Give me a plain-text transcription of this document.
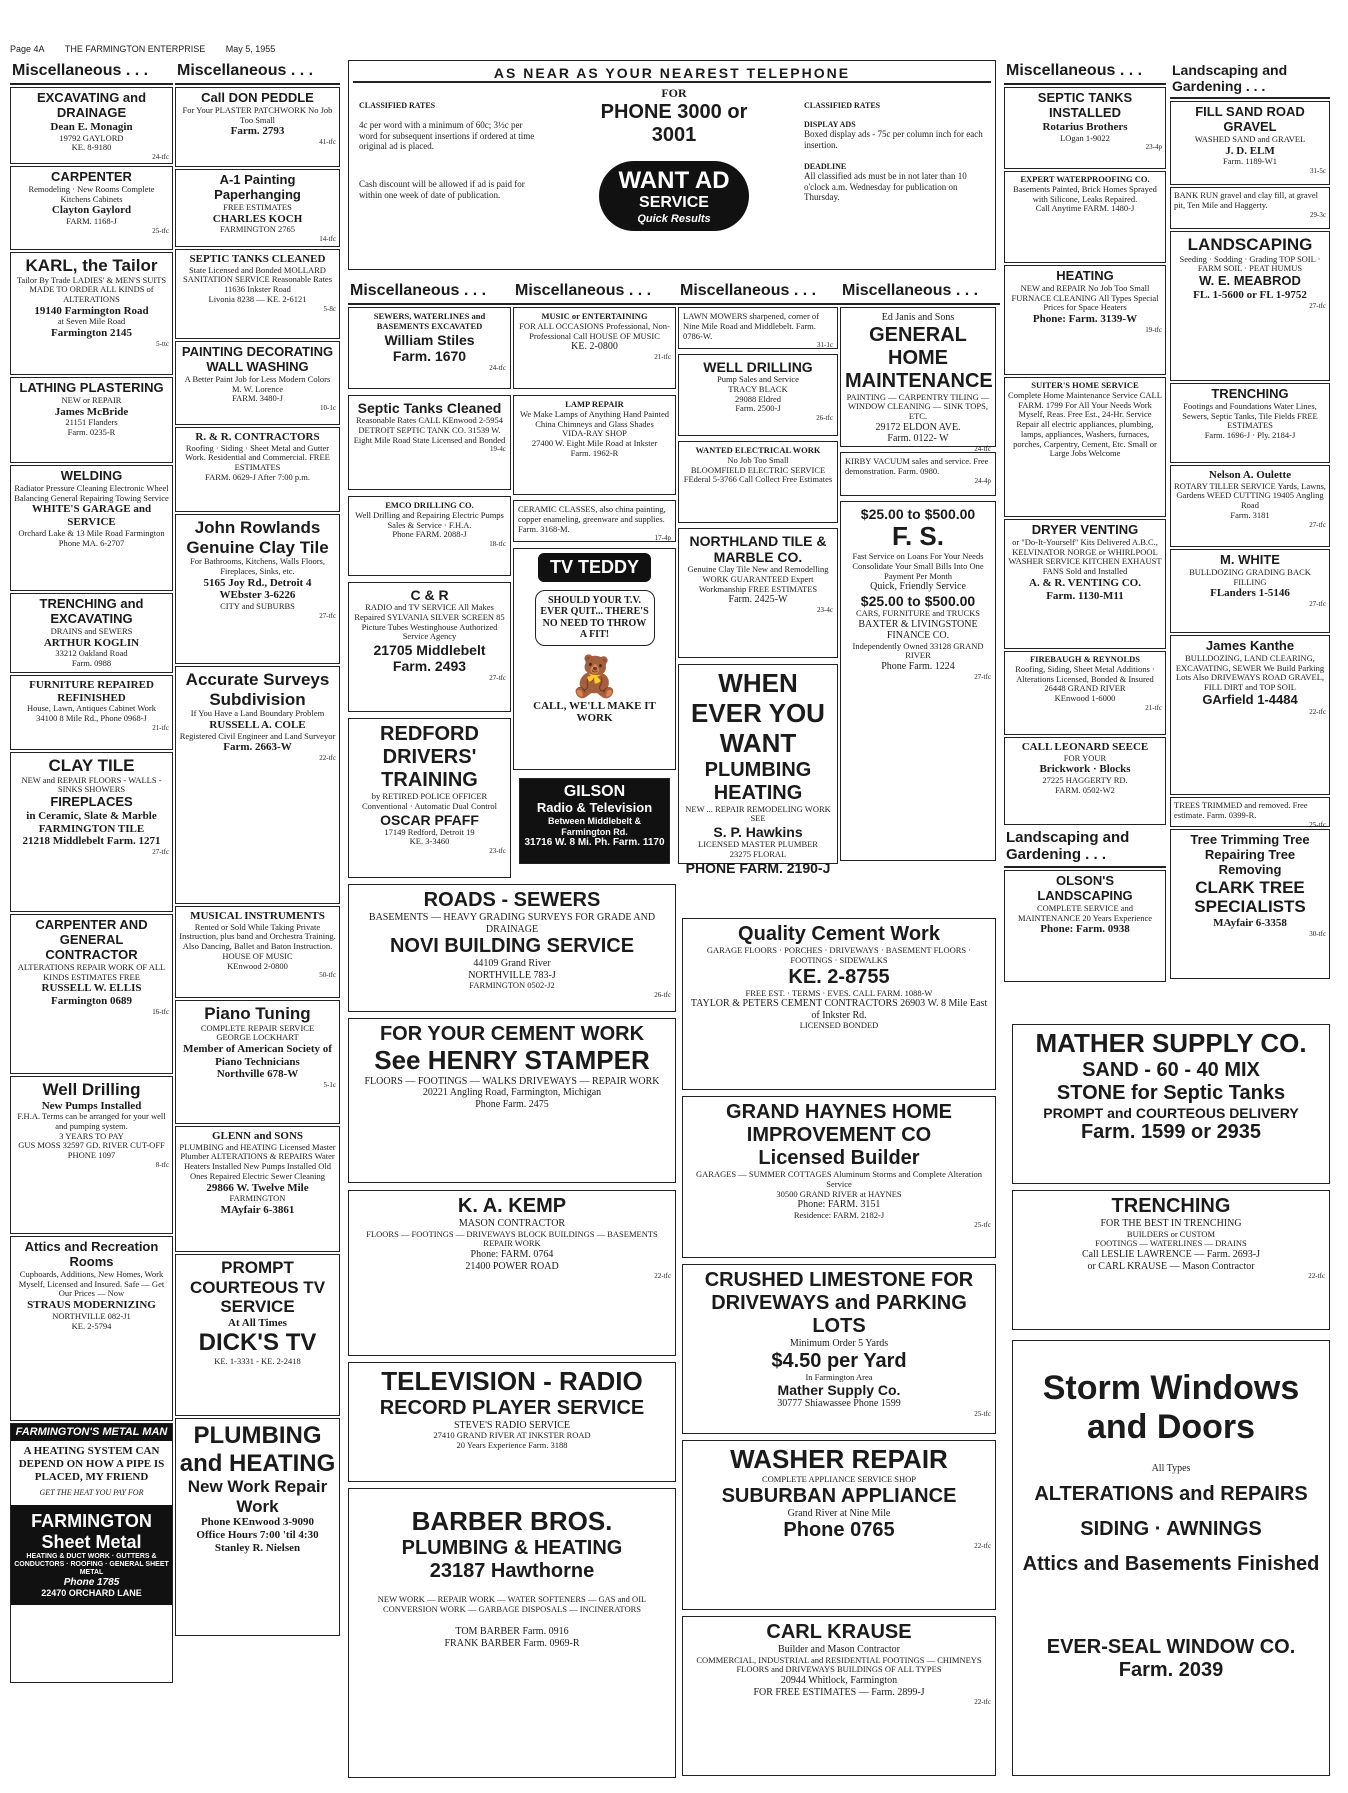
Page 4A THE FARMINGTON ENTERPRISE May 5, 1955
Miscellaneous . . .

EXCAVATING and DRAINAGE

Dean E. Monagin

19792 GAYLORD

KE. 8-9180

24-tfc

CARPENTER

Remodeling · New Rooms Complete Kitchens Cabinets

Clayton Gaylord

FARM. 1168-J

25-tfc

KARL, the Tailor

Tailor By Trade LADIES' & MEN'S SUITS MADE TO ORDER ALL KINDS of ALTERATIONS

19140 Farmington Road

at Seven Mile Road

Farmington 2145

5-ttc

LATHING PLASTERING

NEW or REPAIR

James McBride

21151 Flanders

Farm. 0235-R

WELDING

Radiator Pressure Cleaning Electronic Wheel Balancing General Repairing Towing Service

WHITE'S GARAGE and SERVICE

Orchard Lake & 13 Mile Road Farmington

Phone MA. 6-2707

TRENCHING and EXCAVATING

DRAINS and SEWERS

ARTHUR KOGLIN

33212 Oakland Road

Farm. 0988

FURNITURE REPAIRED REFINISHED

House, Lawn, Antiques Cabinet Work

34100 8 Mile Rd., Phone 0968-J

21-tfc

CLAY TILE

NEW and REPAIR FLOORS - WALLS - SINKS SHOWERS

FIREPLACES

in Ceramic, Slate & Marble FARMINGTON TILE

21218 Middlebelt Farm. 1271

27-tfc

CARPENTER AND GENERAL CONTRACTOR

ALTERATIONS REPAIR WORK OF ALL KINDS ESTIMATES FREE

RUSSELL W. ELLIS

Farmington 0689

16-tfc

Well Drilling

New Pumps Installed

F.H.A. Terms can be arranged for your well and pumping system.

3 YEARS TO PAY

GUS MOSS 32597 GD. RIVER CUT-OFF PHONE 1097

8-tfc

Attics and Recreation Rooms

Cupboards, Additions, New Homes, Work Myself, Licensed and Insured. Safe — Get Our Prices — Now

STRAUS MODERNIZING

NORTHVILLE 082-J1

KE. 2-5794

FARMINGTON'S METAL MAN
A HEATING SYSTEM CAN DEPEND ON HOW A PIPE IS PLACED, MY FRIEND
GET THE HEAT YOU PAY FOR
FARMINGTON Sheet Metal
HEATING & DUCT WORK · GUTTERS & CONDUCTORS · ROOFING · GENERAL SHEET METAL
Phone 1785
22470 ORCHARD LANE
Miscellaneous . . .

Call DON PEDDLE

For Your PLASTER PATCHWORK No Job Too Small

Farm. 2793

41-tfc

A-1 Painting Paperhanging

FREE ESTIMATES

CHARLES KOCH

FARMINGTON 2765

14-tfc

SEPTIC TANKS CLEANED

State Licensed and Bonded MOLLARD SANITATION SERVICE Reasonable Rates 11636 Inkster Road

Livonia 8238 — KE. 2-6121

5-8c

PAINTING DECORATING WALL WASHING

A Better Paint Job for Less Modern Colors

M. W. Lorence

FARM. 3480-J

10-1c

R. & R. CONTRACTORS

Roofing · Siding · Sheet Metal and Gutter Work. Residential and Commercial. FREE ESTIMATES

FARM. 0629-J After 7:00 p.m.

John Rowlands Genuine Clay Tile

For Bathrooms, Kitchens, Walls Floors, Fireplaces, Sinks, etc.

5165 Joy Rd., Detroit 4

WEbster 3-6226

CITY and SUBURBS

27-tfc

Accurate Surveys Subdivision

If You Have a Land Boundary Problem

RUSSELL A. COLE

Registered Civil Engineer and Land Surveyor

Farm. 2663-W

22-tfc

MUSICAL INSTRUMENTS

Rented or Sold While Taking Private Instruction, plus band and Orchestra Training. Also Dancing, Ballet and Baton Instruction.

HOUSE OF MUSIC

KEnwood 2-0800

50-tfc

Piano Tuning

COMPLETE REPAIR SERVICE

GEORGE LOCKHART

Member of American Society of Piano Technicians

Northville 678-W

5-1c

GLENN and SONS

PLUMBING and HEATING Licensed Master Plumber ALTERATIONS & REPAIRS Water Heaters Installed New Pumps Installed Old Ones Repaired Electric Sewer Cleaning

29866 W. Twelve Mile

FARMINGTON

MAyfair 6-3861

PROMPT COURTEOUS TV SERVICE

At All Times

DICK'S TV

KE. 1-3331 - KE. 2-2418

PLUMBING and HEATING

New Work Repair Work

Phone KEnwood 3-9090

Office Hours 7:00 'til 4:30

Stanley R. Nielsen

AS NEAR AS YOUR NEAREST TELEPHONE

CLASSIFIED RATES

4c per word with a minimum of 60c; 3½c per word for subsequent insertions if ordered at time original ad is placed.

Cash discount will be allowed if ad is paid for within one week of date of publication.

FOR

PHONE 3000 or 3001

WANT AD
SERVICE
Quick Results

CLASSIFIED RATES

DISPLAY ADS

Boxed display ads - 75c per column inch for each insertion.

DEADLINE

All classified ads must be in not later than 10 o'clock a.m. Wednesday for publication on Thursday.

Miscellaneous . . .	Miscellaneous . . .	Miscellaneous . . .	Miscellaneous . . .

SEWERS, WATERLINES and BASEMENTS EXCAVATED

William Stiles

Farm. 1670

24-tfc

Septic Tanks Cleaned

Reasonable Rates CALL KEnwood 2-5954 DETROIT SEPTIC TANK CO. 31539 W. Eight Mile Road State Licensed and Bonded

19-4c

EMCO DRILLING CO.

Well Drilling and Repairing Electric Pumps Sales & Service · F.H.A.

Phone FARM. 2088-J

18-tfc

C & R

RADIO and TV SERVICE All Makes Repaired SYLVANIA SILVER SCREEN 85 Picture Tubes Westinghouse Authorized Service Agency

21705 Middlebelt

Farm. 2493

27-tfc

REDFORD DRIVERS' TRAINING

by RETIRED POLICE OFFICER Conventional · Automatic Dual Control

OSCAR PFAFF

17149 Redford, Detroit 19

KE. 3-3460

23-tfc

MUSIC or ENTERTAINING

FOR ALL OCCASIONS Professional, Non-Professional Call HOUSE OF MUSIC

KE. 2-0800

21-tfc

LAMP REPAIR

We Make Lamps of Anything Hand Painted China Chimneys and Glass Shades

VIDA-RAY SHOP

27400 W. Eight Mile Road at Inkster

Farm. 1962-R

CERAMIC CLASSES, also china painting, copper enameling, greenware and supplies. Farm. 3168-M.

17-4p

TV TEDDY
SHOULD YOUR T.V. EVER QUIT... THERE'S NO NEED TO THROW A FIT!
🧸

CALL, WE'LL MAKE IT WORK

GILSON

Radio & Television

Between Middlebelt & Farmington Rd.

31716 W. 8 Mi. Ph. Farm. 1170

LAWN MOWERS sharpened, corner of Nine Mile Road and Middlebelt. Farm. 0786-W.

31-1c

WELL DRILLING

Pump Sales and Service

TRACY BLACK

29088 Eldred

Farm. 2500-J

26-tfc

WANTED ELECTRICAL WORK

No Job Too Small

BLOOMFIELD ELECTRIC SERVICE

FEderal 5-3766 Call Collect Free Estimates

NORTHLAND TILE & MARBLE CO.

Genuine Clay Tile New and Remodelling WORK GUARANTEED Expert Workmanship FREE ESTIMATES

Farm. 2425-W

23-4c

WHEN EVER YOU WANT

PLUMBING HEATING

NEW ... REPAIR REMODELING WORK

SEE

S. P. Hawkins

LICENSED MASTER PLUMBER

23275 FLORAL

PHONE FARM. 2190-J

Ed Janis and Sons

GENERAL HOME MAINTENANCE

PAINTING — CARPENTRY TILING — WINDOW CLEANING — SINK TOPS, ETC.

29172 ELDON AVE.

Farm. 0122- W

24-tfc

KIRBY VACUUM sales and service. Free demonstration. Farm. 0980.

24-4p

$25.00 to $500.00

F. S.

Fast Service on Loans For Your Needs

Consolidate Your Small Bills Into One Payment Per Month

Quick, Friendly Service

$25.00 to $500.00

CARS, FURNITURE and TRUCKS

BAXTER & LIVINGSTONE FINANCE CO.

Independently Owned 33128 GRAND RIVER

Phone Farm. 1224

27-tfc

ROADS - SEWERS

BASEMENTS — HEAVY GRADING SURVEYS FOR GRADE AND DRAINAGE

NOVI BUILDING SERVICE

44109 Grand River

NORTHVILLE 783-J

FARMINGTON 0502-J2

26-tfc

FOR YOUR CEMENT WORK

See HENRY STAMPER

FLOORS — FOOTINGS — WALKS DRIVEWAYS — REPAIR WORK

20221 Angling Road, Farmington, Michigan

Phone Farm. 2475

K. A. KEMP

MASON CONTRACTOR

FLOORS — FOOTINGS — DRIVEWAYS BLOCK BUILDINGS — BASEMENTS REPAIR WORK

Phone: FARM. 0764

21400 POWER ROAD

22-tfc

TELEVISION - RADIO

RECORD PLAYER SERVICE

STEVE'S RADIO SERVICE

27410 GRAND RIVER AT INKSTER ROAD

20 Years Experience Farm. 3188

BARBER BROS.

PLUMBING & HEATING

23187 Hawthorne

NEW WORK — REPAIR WORK — WATER SOFTENERS — GAS and OIL CONVERSION WORK — GARBAGE DISPOSALS — INCINERATORS

TOM BARBER Farm. 0916

FRANK BARBER Farm. 0969-R

Quality Cement Work

GARAGE FLOORS · PORCHES · DRIVEWAYS · BASEMENT FLOORS · FOOTINGS · SIDEWALKS

KE. 2-8755

FREE EST. · TERMS · EVES. CALL FARM. 1088-W

TAYLOR & PETERS CEMENT CONTRACTORS 26903 W. 8 Mile East of Inkster Rd.

LICENSED BONDED

GRAND HAYNES HOME IMPROVEMENT CO

Licensed Builder

GARAGES — SUMMER COTTAGES Aluminum Storms and Complete Alteration Service

30500 GRAND RIVER at HAYNES

Phone: FARM. 3151

Residence: FARM. 2182-J

25-tfc

CRUSHED LIMESTONE FOR DRIVEWAYS and PARKING LOTS

Minimum Order 5 Yards

$4.50 per Yard

In Farmington Area

Mather Supply Co.

30777 Shiawassee Phone 1599

25-tfc

WASHER REPAIR

COMPLETE APPLIANCE SERVICE SHOP

SUBURBAN APPLIANCE

Grand River at Nine Mile

Phone 0765

22-tfc

CARL KRAUSE

Builder and Mason Contractor

COMMERCIAL, INDUSTRIAL and RESIDENTIAL FOOTINGS — CHIMNEYS FLOORS and DRIVEWAYS BUILDINGS OF ALL TYPES

20944 Whitlock, Farmington

FOR FREE ESTIMATES — Farm. 2899-J

22-tfc

Miscellaneous . . .

SEPTIC TANKS INSTALLED

Rotarius Brothers

LOgan 1-9022

23-4p

EXPERT WATERPROOFING CO.

Basements Painted, Brick Homes Sprayed with Silicone, Leaks Repaired.

Call Anytime FARM. 1480-J

HEATING

NEW and REPAIR No Job Too Small FURNACE CLEANING All Types Special Prices for Space Heaters

Phone: Farm. 3139-W

19-tfc

SUITER'S HOME SERVICE

Complete Home Maintenance Service CALL FARM. 1799 For All Your Needs Work Myself, Reas. Free Est., 24-Hr. Service Repair all electric appliances, plumbing, lamps, appliances, Washers, furnaces, porches, Carpentry, Cement, Etc. Small or Large Jobs Welcome

DRYER VENTING

or "Do-It-Yourself" Kits Delivered A.B.C., KELVINATOR NORGE or WHIRLPOOL WASHER SERVICE KITCHEN EXHAUST FANS Sold and Installed

A. & R. VENTING CO.

Farm. 1130-M11

FIREBAUGH & REYNOLDS

Roofing, Siding, Sheet Metal Additions · Alterations Licensed, Bonded & Insured 26448 GRAND RIVER

KEnwood 1-6000

21-tfc

CALL LEONARD SEECE

FOR YOUR

Brickwork · Blocks

27225 HAGGERTY RD.

FARM. 0502-W2

Landscaping and Gardening . . .

OLSON'S LANDSCAPING

COMPLETE SERVICE and MAINTENANCE 20 Years Experience

Phone: Farm. 0938

Landscaping and Gardening . . .

FILL SAND ROAD GRAVEL

WASHED SAND and GRAVEL

J. D. ELM

Farm. 1189-W1

31-5c

BANK RUN gravel and clay fill, at gravel pit, Ten Mile and Haggerty.

29-3c

LANDSCAPING

Seeding · Sodding · Grading TOP SOIL · FARM SOIL · PEAT HUMUS

W. E. MEABROD

FL. 1-5600 or FL 1-9752

27-tfc

TRENCHING

Footings and Foundations Water Lines, Sewers, Septic Tanks, Tile Fields FREE ESTIMATES

Farm. 1696-J · Ply. 2184-J

Nelson A. Oulette

ROTARY TILLER SERVICE Yards, Lawns, Gardens WEED CUTTING 19405 Angling Road

Farm. 3181

27-tfc

M. WHITE

BULLDOZING GRADING BACK FILLING

FLanders 1-5146

27-tfc

James Kanthe

BULLDOZING, LAND CLEARING, EXCAVATING, SEWER We Build Parking Lots Also DRIVEWAYS ROAD GRAVEL, FILL DIRT and TOP SOIL

GArfield 1-4484

22-tfc

TREES TRIMMED and removed. Free estimate. Farm. 0399-R.

25-tfc

Tree Trimming Tree Repairing Tree Removing

CLARK TREE SPECIALISTS

MAyfair 6-3358

30-tfc

MATHER SUPPLY CO.

SAND - 60 - 40 MIX

STONE for Septic Tanks

PROMPT and COURTEOUS DELIVERY

Farm. 1599 or 2935

TRENCHING

FOR THE BEST IN TRENCHING

BUILDERS or CUSTOM

FOOTINGS — WATERLINES — DRAINS

Call LESLIE LAWRENCE — Farm. 2693-J

or CARL KRAUSE — Mason Contractor

22-tfc

Storm Windows and Doors

All Types

ALTERATIONS and REPAIRS

SIDING · AWNINGS

Attics and Basements Finished

EVER-SEAL WINDOW CO.

Farm. 2039
